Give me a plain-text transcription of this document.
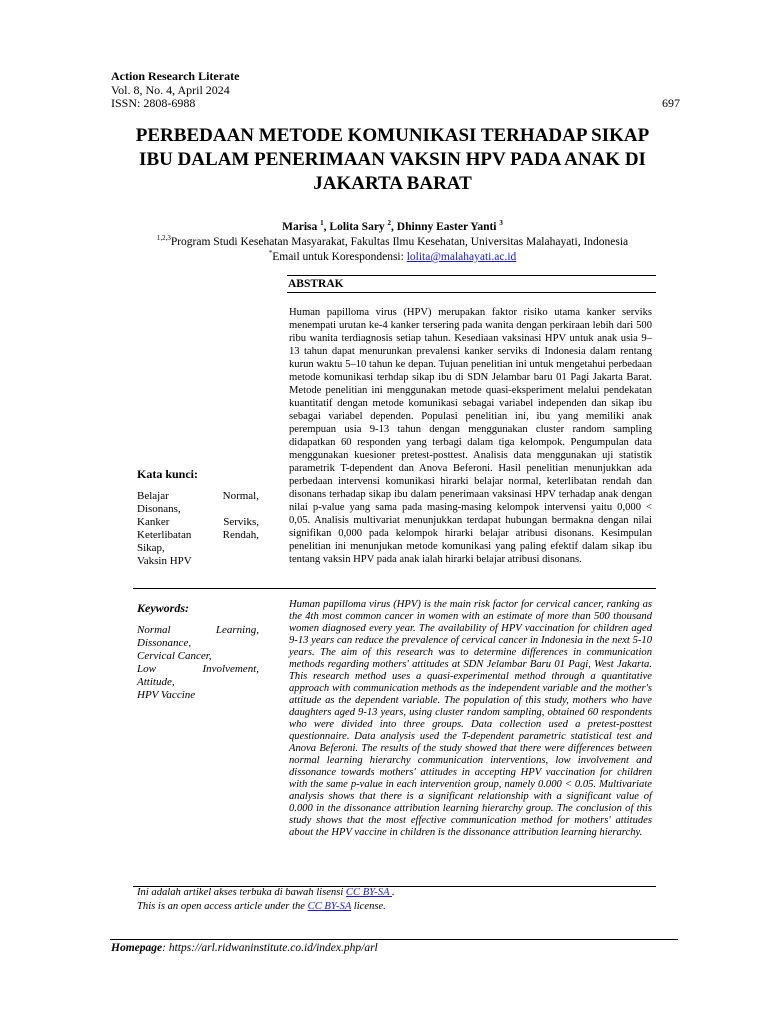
Action Research Literate
Vol. 8, No. 4, April 2024
ISSN: 2808-6988	697
PERBEDAAN METODE KOMUNIKASI TERHADAP SIKAP
IBU DALAM PENERIMAAN VAKSIN HPV PADA ANAK DI
JAKARTA BARAT
Marisa $^1$, Lolita Sary $^2$, Dhinny Easter Yanti $^3$
$^{1,2,3}$Program Studi Kesehatan Masyarakat, Fakultas Ilmu Kesehatan, Universitas Malahayati, Indonesia
*Email untuk Korespondensi: lolita@malahayati.ac.id
ABSTRAK
Human papilloma virus (HPV) merupakan faktor risiko utama kanker serviks menempati urutan ke-4 kanker tersering pada wanita dengan perkiraan lebih dari 500 ribu wanita terdiagnosis setiap tahun. Kesediaan vaksinasi HPV untuk anak usia 9–13 tahun dapat menurunkan prevalensi kanker serviks di Indonesia dalam rentang kurun waktu 5–10 tahun ke depan. Tujuan penelitian ini untuk mengetahui perbedaan metode komunikasi terhdap sikap ibu di SDN Jelambar baru 01 Pagi Jakarta Barat. Metode penelitian ini menggunakan metode quasi-eksperiment melalui pendekatan kuantitatif dengan metode komunikasi sebagai variabel independen dan sikap ibu sebagai variabel dependen. Populasi penelitian ini, ibu yang memiliki anak perempuan usia 9-13 tahun dengan menggunakan cluster random sampling didapatkan 60 responden yang terbagi dalam tiga kelompok. Pengumpulan data menggunakan kuesioner pretest-posttest. Analisis data menggunakan uji statistik parametrik T-dependent dan Anova Beferoni. Hasil penelitian menunjukkan ada perbedaan intervensi komunikasi hirarki belajar normal, keterlibatan rendah dan disonans terhadap sikap ibu dalam penerimaan vaksinasi HPV terhadap anak dengan nilai p-value yang sama pada masing-masing kelompok intervensi yaitu 0,000 < 0,05. Analisis multivariat menunjukkan terdapat hubungan bermakna dengan nilai signifikan 0,000 pada kelompok hirarki belajar atribusi disonans. Kesimpulan penelitian ini menunjukan metode komunikasi yang paling efektif dalam sikap ibu tentang vaksin HPV pada anak ialah hirarki belajar atribusi disonans.
Kata kunci:
Belajar Normal,
Disonans,
Kanker Serviks,
Keterlibatan Rendah,
Sikap,
Vaksin HPV
Human papilloma virus (HPV) is the main risk factor for cervical cancer, ranking as the 4th most common cancer in women with an estimate of more than 500 thousand women diagnosed every year. The availability of HPV vaccination for children aged 9-13 years can reduce the prevalence of cervical cancer in Indonesia in the next 5-10 years. The aim of this research was to determine differences in communication methods regarding mothers' attitudes at SDN Jelambar Baru 01 Pagi, West Jakarta. This research method uses a quasi-experimental method through a quantitative approach with communication methods as the independent variable and the mother's attitude as the dependent variable. The population of this study, mothers who have daughters aged 9-13 years, using cluster random sampling, obtained 60 respondents who were divided into three groups. Data collection used a pretest-posttest questionnaire. Data analysis used the T-dependent parametric statistical test and Anova Beferoni. The results of the study showed that there were differences between normal learning hierarchy communication interventions, low involvement and dissonance towards mothers' attitudes in accepting HPV vaccination for children with the same p-value in each intervention group, namely 0.000 < 0.05. Multivariate analysis shows that there is a significant relationship with a significant value of 0.000 in the dissonance attribution learning hierarchy group. The conclusion of this study shows that the most effective communication method for mothers' attitudes about the HPV vaccine in children is the dissonance attribution learning hierarchy.
Keywords:
Normal Learning,
Dissonance,
Cervical Cancer,
Low Involvement,
Attitude,
HPV Vaccine
Ini adalah artikel akses terbuka di bawah lisensi CC BY-SA .
This is an open access article under the CC BY-SA license.
Homepage: https://arl.ridwaninstitute.co.id/index.php/arl
